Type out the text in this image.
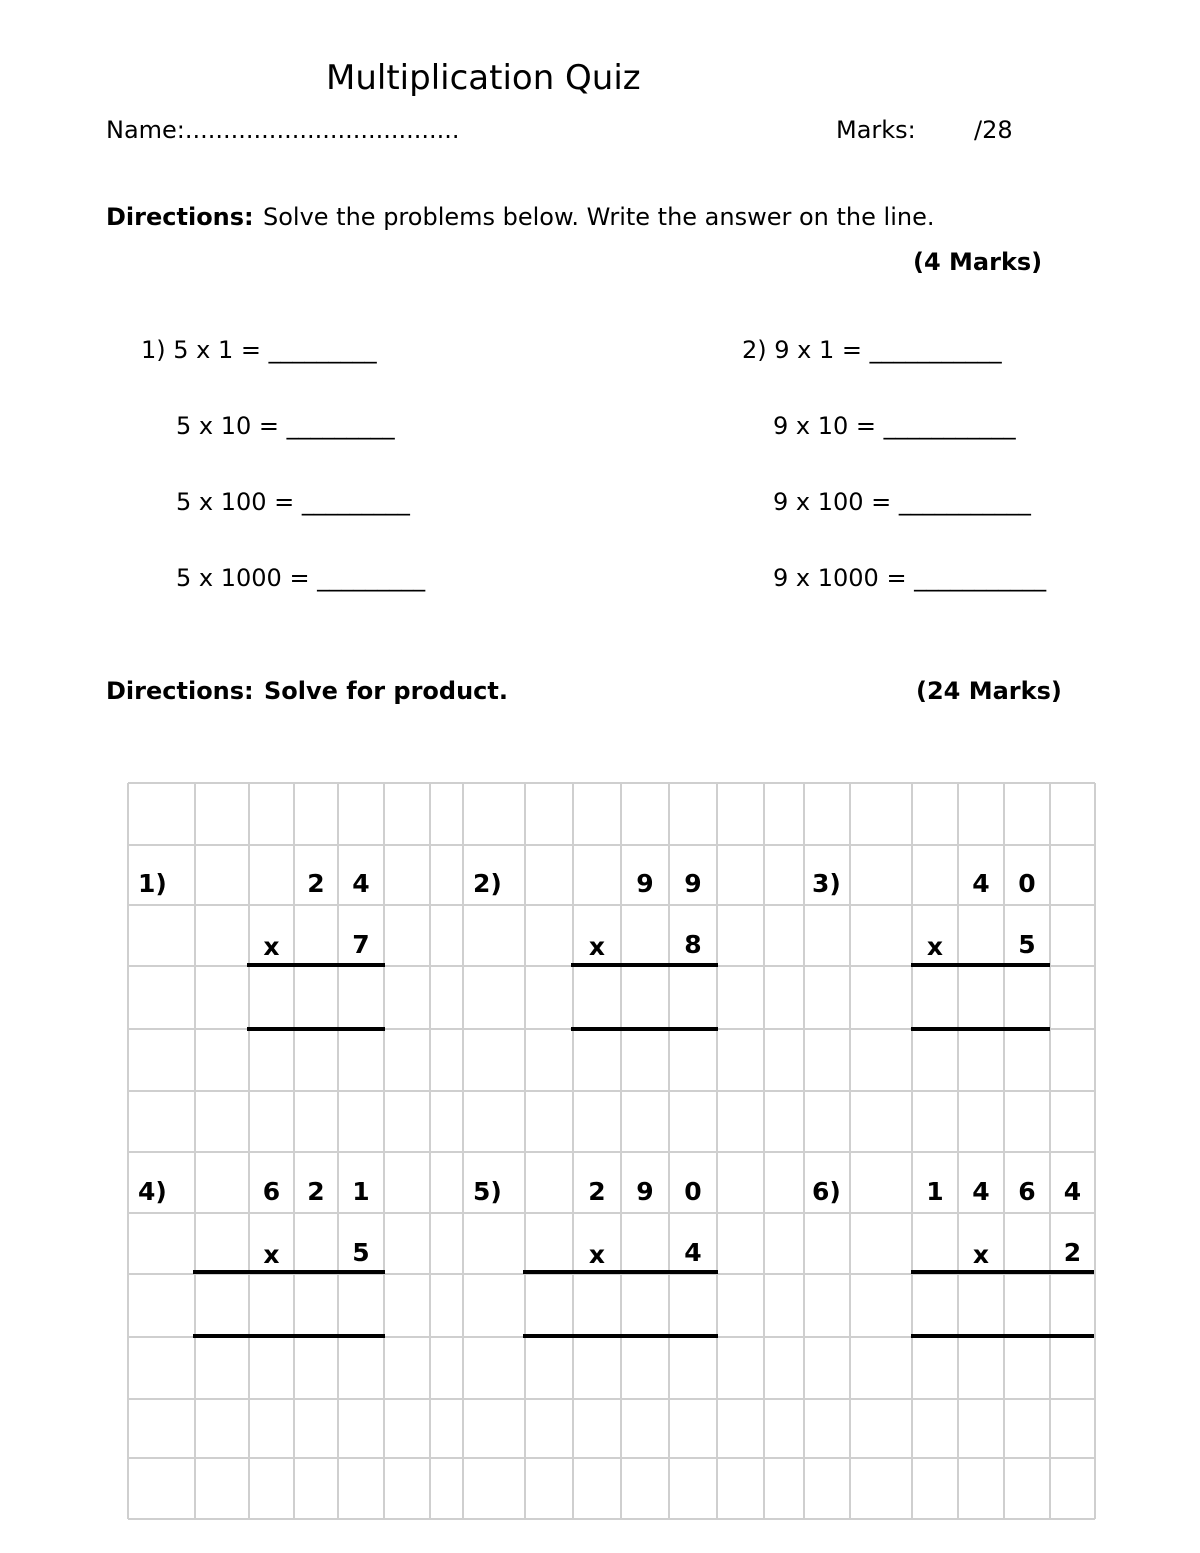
Multiplication Quiz
Name:....................................	Marks: /28
Directions: Solve the problems below. Write the answer on the line.
(4 Marks)
1) 5 x 1 = _________
5 x 10 = _________
5 x 100 = _________
5 x 1000 = _________
2) 9 x 1 = ___________
9 x 10 = ___________
9 x 100 = ___________
9 x 1000 = ___________
Directions: Solve for product.	(24 Marks)
1)	2 4
x	7
2)	9 9
x	8
3)	4 0
x	5
4)	6 2 1
x	5
5)	2 9 0
x	4
6)	1 4 6 4
x	2
